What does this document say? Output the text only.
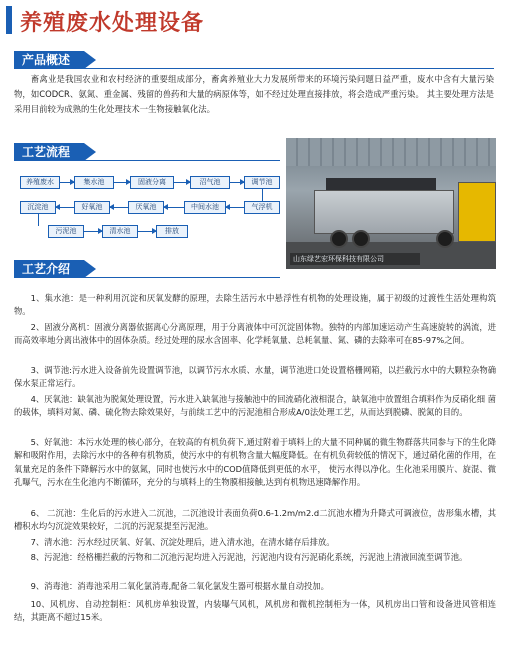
养殖废水处理设备
产品概述
畜禽业是我国农业和农村经济的重要组成部分，畜禽养殖业大力发展所带来的环境污染问题日益严重，废水中含有大量污染物，如CODCR、氨氮、重金属、残留的兽药和大量的病原体等，如不经过处理直接排放，将会造成严重污染。 其主要处理方法是采用目前较为成熟的生化处理技术一生物接触氧化法。
工艺流程
养殖废水	集水池	固液分离	沼气池	调节池
沉淀池	好氧池	厌氧池	中间水池	气浮机
污泥池	清水池	排放
山东绿艺宏环保科技有限公司
工艺介绍
1、集水池：是一种利用沉淀和厌氧发酵的原理，去除生活污水中悬浮性有机物的处理设施，属于初级的过渡性生活处理构筑物。
2、固液分离机：固液分离器依据离心分离原理，用于分离液体中可沉淀固体物。独特的内部加速运动产生高速旋转的涡流，进而高效率地分离出液体中的固体杂质。经过处理的尿水含固率、化学耗氧量、总耗氧量、氮、磷的去除率可在85-97%之间。
3、调节池:污水进入设备前先设置调节池，以调节污水水质、水量，调节池进口处设置格栅网箱，以拦截污水中的大颗粒杂物确保水泵正常运行。
4、厌氧池：缺氧池为脱氮处理设置，污水进入缺氧池与接触池中的回流硝化液相混合，缺氧池中放置组合填料作为反硝化细 菌的载体，填料对氮、磷、硫化物去除效果好，与前续工艺中的污泥池相合形成A/0法处理工艺，从而达到脱磷、脱氮的目的。
5、好氧池：本污水处理的核心部分，在较高的有机负荷下,通过附着于填料上的大量不同种属的微生物群落共同参与下的生化降解和吸附作用，去除污水中的各种有机物质，使污水中的有机物含量大幅度降低。在有机负荷较低的情况下，通过硝化菌的作用，在氧量充足的条件下降解污水中的氨氮，同时也使污水中的COD值降低到更低的水平， 使污水得以净化。生化池采用膜片、旋混、微孔曝气，污水在生化池内不断循环，充分的与填料上的生物膜相接触,达到有机物迅速降解作用。
6、 二沉池：生化后的污水进入二沉池，二沉池设计表面负荷0.6-1.2m/m2.d二沉池水槽为升降式可调液位，齿形集水槽，其槽积水均匀沉淀效果较好，二沉的污泥泵提至污泥池。
7、清水池：污水经过厌氧、好氧、沉淀处理后，进入清水池，在清水储存后排放。
8、污泥池：经格栅拦截的污物和二沉池污泥均进入污泥池，污泥池内设有污泥硝化系统，污泥池上清液回流至调节池。
9、消毒池：消毒池采用二氧化氯消毒,配备二氧化氯发生器可根据水量自动投加。
10、风机房、自动控制柜：风机房单独设置，内装曝气风机，风机房和微机控制柜为一体，风机房出口管和设备进风管相连结，其距离不超过15米。
